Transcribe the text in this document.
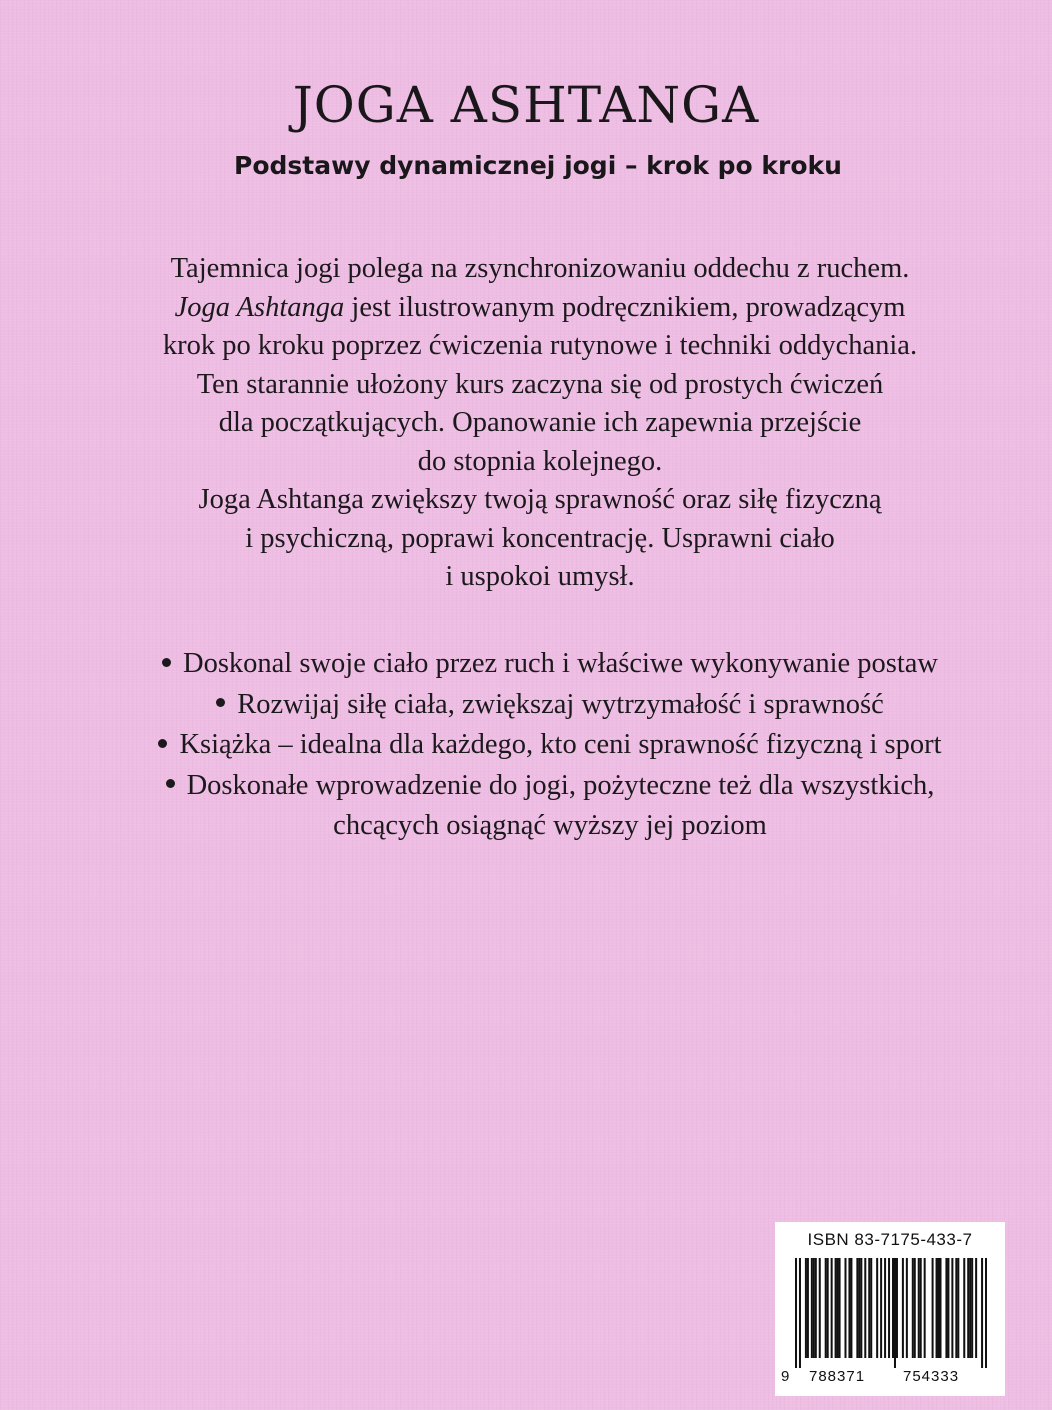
JOGA ASHTANGA
Podstawy dynamicznej jogi – krok po kroku
Tajemnica jogi polega na zsynchronizowaniu oddechu z ruchem.
Joga Ashtanga jest ilustrowanym podręcznikiem, prowadzącym
krok po kroku poprzez ćwiczenia rutynowe i techniki oddychania.
Ten starannie ułożony kurs zaczyna się od prostych ćwiczeń
dla początkujących. Opanowanie ich zapewnia przejście
do stopnia kolejnego.
Joga Ashtanga zwiększy twoją sprawność oraz siłę fizyczną
i psychiczną, poprawi koncentrację. Usprawni ciało
i uspokoi umysł.
Doskonal swoje ciało przez ruch i właściwe wykonywanie postaw
Rozwijaj siłę ciała, zwiększaj wytrzymałość i sprawność
Książka – idealna dla każdego, kto ceni sprawność fizyczną i sport
Doskonałe wprowadzenie do jogi, pożyteczne też dla wszystkich,
chcących osiągnąć wyższy jej poziom
ISBN 83-7175-433-7
9 788371	754333
